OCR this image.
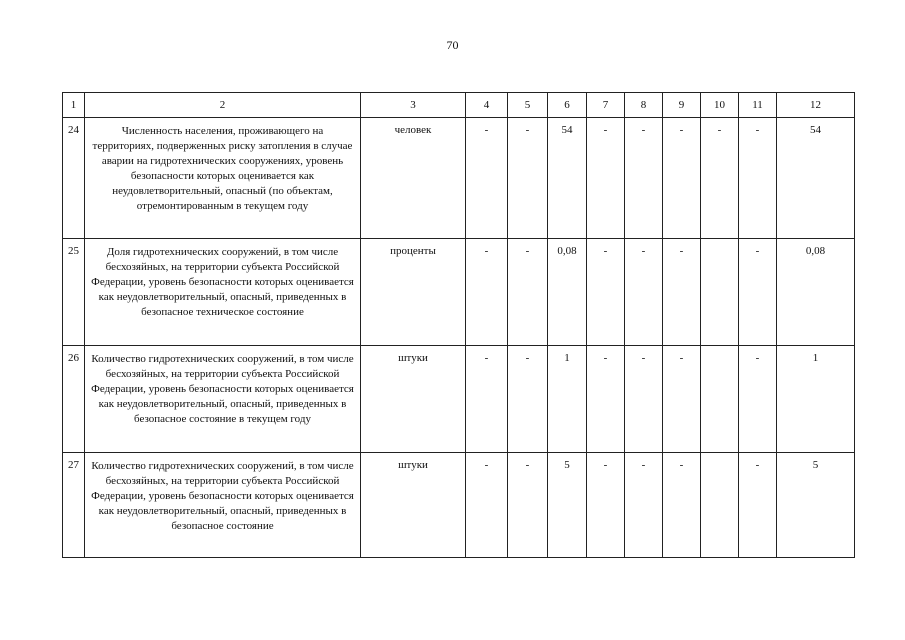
70
1	2	3	4	5	6	7	8	9	10	11	12
24	Численность населения, проживающего на территориях, подверженных риску затопления в случае аварии на гидротехнических сооружениях, уровень безопасности которых оценивается как неудовлетворительный, опасный (по объектам, отремонтированным в текущем году	человек	-	-	54	-	-	-	-	-	54
25	Доля гидротехнических сооружений, в том числе бесхозяйных, на территории субъекта Российской Федерации, уровень безопасности которых оценивается как неудовлетворительный, опасный, приведенных в безопасное техническое состояние	проценты	-	-	0,08	-	-	-		-	0,08
26	Количество гидротехнических сооружений, в том числе бесхозяйных, на территории субъекта Российской Федерации, уровень безопасности которых оценивается как неудовлетворительный, опасный, приведенных в безопасное состояние в текущем году	штуки	-	-	1	-	-	-		-	1
27	Количество гидротехнических сооружений, в том числе бесхозяйных, на территории субъекта Российской Федерации, уровень безопасности которых оценивается как неудовлетворительный, опасный, приведенных в безопасное состояние	штуки	-	-	5	-	-	-		-	5
